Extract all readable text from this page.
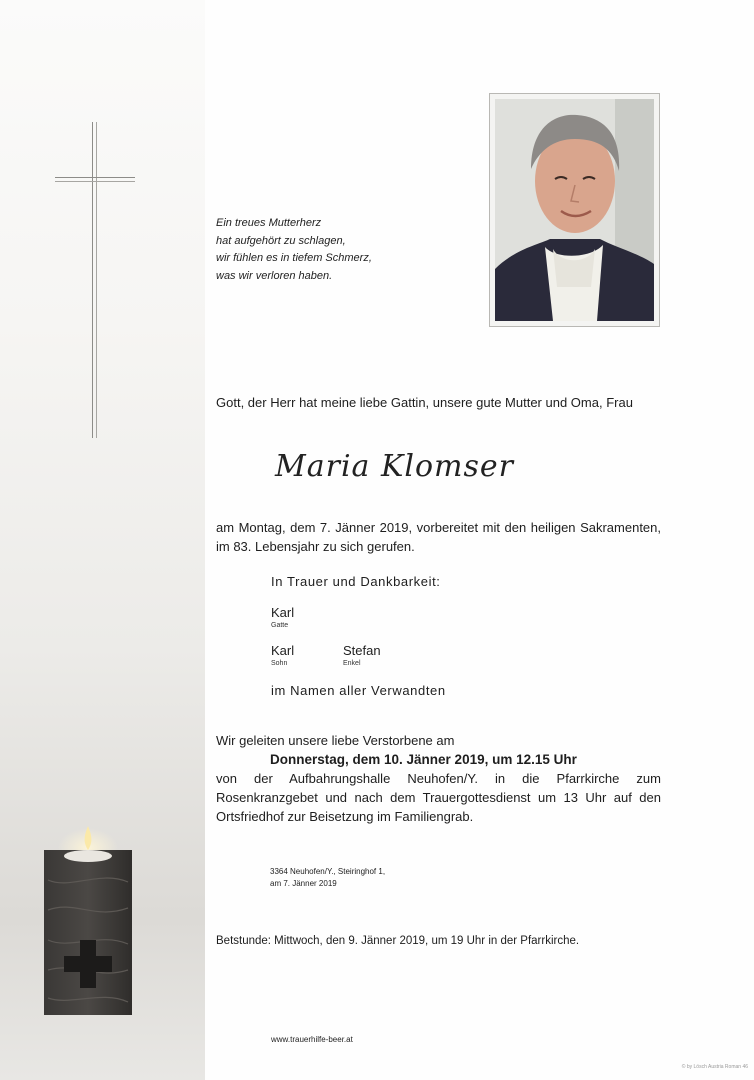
Ein treues Mutterherz
hat aufgehört zu schlagen,
wir fühlen es in tiefem Schmerz,
was wir verloren haben.
Gott, der Herr hat meine liebe Gattin, unsere gute Mutter und Oma, Frau
Maria Klomser
am Montag, dem 7. Jänner 2019, vorbereitet mit den heiligen Sakramenten, im 83. Lebensjahr zu sich gerufen.
In Trauer und Dankbarkeit:
Karl
Gatte
Karl
Sohn
Stefan
Enkel
im Namen aller Verwandten
Wir geleiten unsere liebe Verstorbene am
Donnerstag, dem 10. Jänner 2019, um 12.15 Uhr
von der Aufbahrungshalle Neuhofen/Y. in die Pfarrkirche zum Rosenkranzgebet und nach dem Trauergottesdienst um 13 Uhr auf den Ortsfriedhof zur Beisetzung im Familiengrab.
3364 Neuhofen/Y., Steiringhof 1,
am 7. Jänner 2019
Betstunde: Mittwoch, den 9. Jänner 2019, um 19 Uhr in der Pfarrkirche.
www.trauerhilfe-beer.at
© by Lösch Austria Roman 46
